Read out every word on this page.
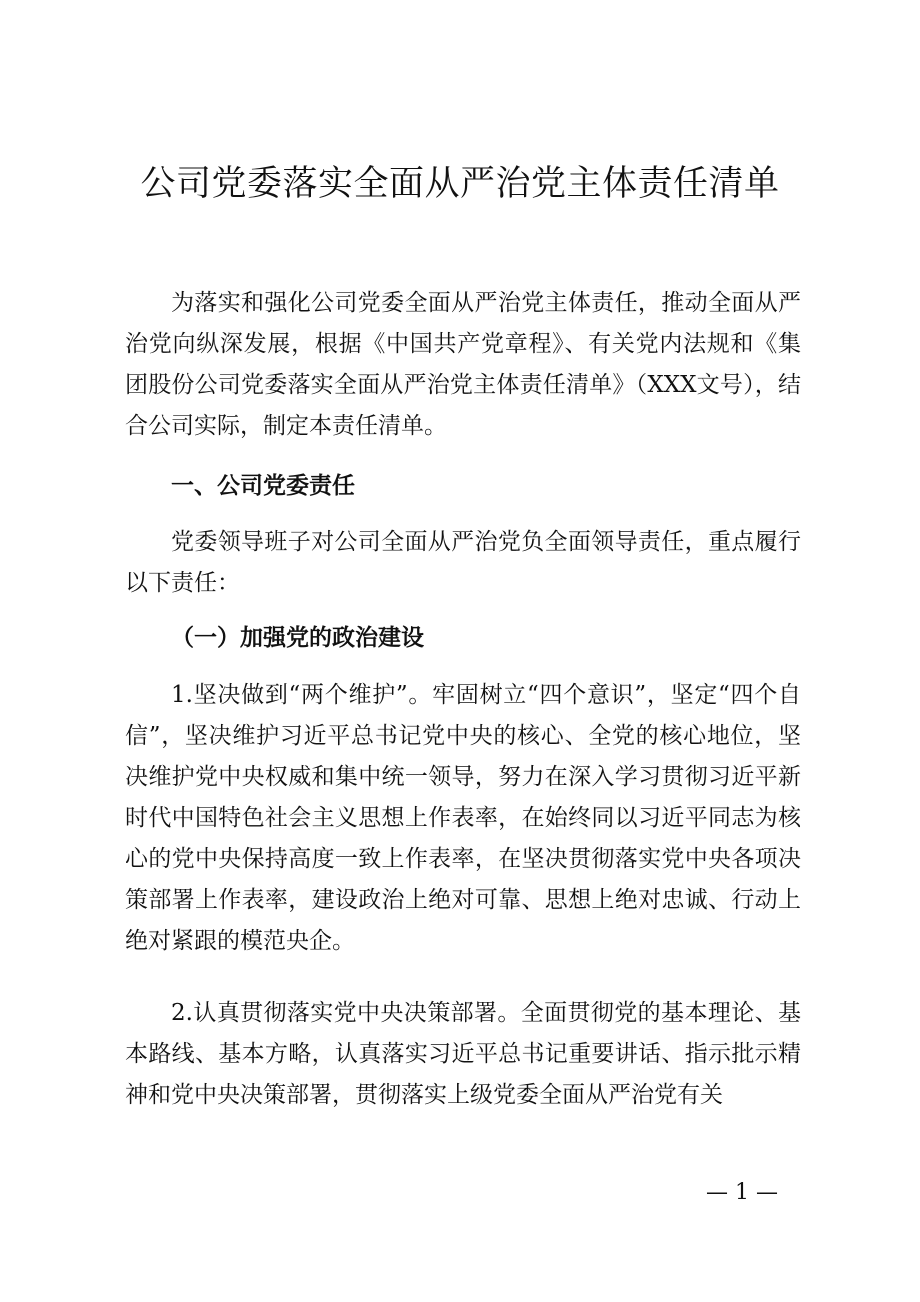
公司党委落实全面从严治党主体责任清单

为落实和强化公司党委全面从严治党主体责任，推动全面从严治党向纵深发展，根据《中国共产党章程》、有关党内法规和《集团股份公司党委落实全面从严治党主体责任清单》（XXX文号），结合公司实际，制定本责任清单。

一、公司党委责任

党委领导班子对公司全面从严治党负全面领导责任，重点履行以下责任：

（一）加强党的政治建设

1.坚决做到“两个维护”。牢固树立“四个意识”，坚定“四个自信”，坚决维护习近平总书记党中央的核心、全党的核心地位，坚决维护党中央权威和集中统一领导，努力在深入学习贯彻习近平新时代中国特色社会主义思想上作表率，在始终同以习近平同志为核心的党中央保持高度一致上作表率，在坚决贯彻落实党中央各项决策部署上作表率，建设政治上绝对可靠、思想上绝对忠诚、行动上绝对紧跟的模范央企。

2.认真贯彻落实党中央决策部署。全面贯彻党的基本理论、基本路线、基本方略，认真落实习近平总书记重要讲话、指示批示精神和党中央决策部署，贯彻落实上级党委全面从严治党有关

— 1 —
